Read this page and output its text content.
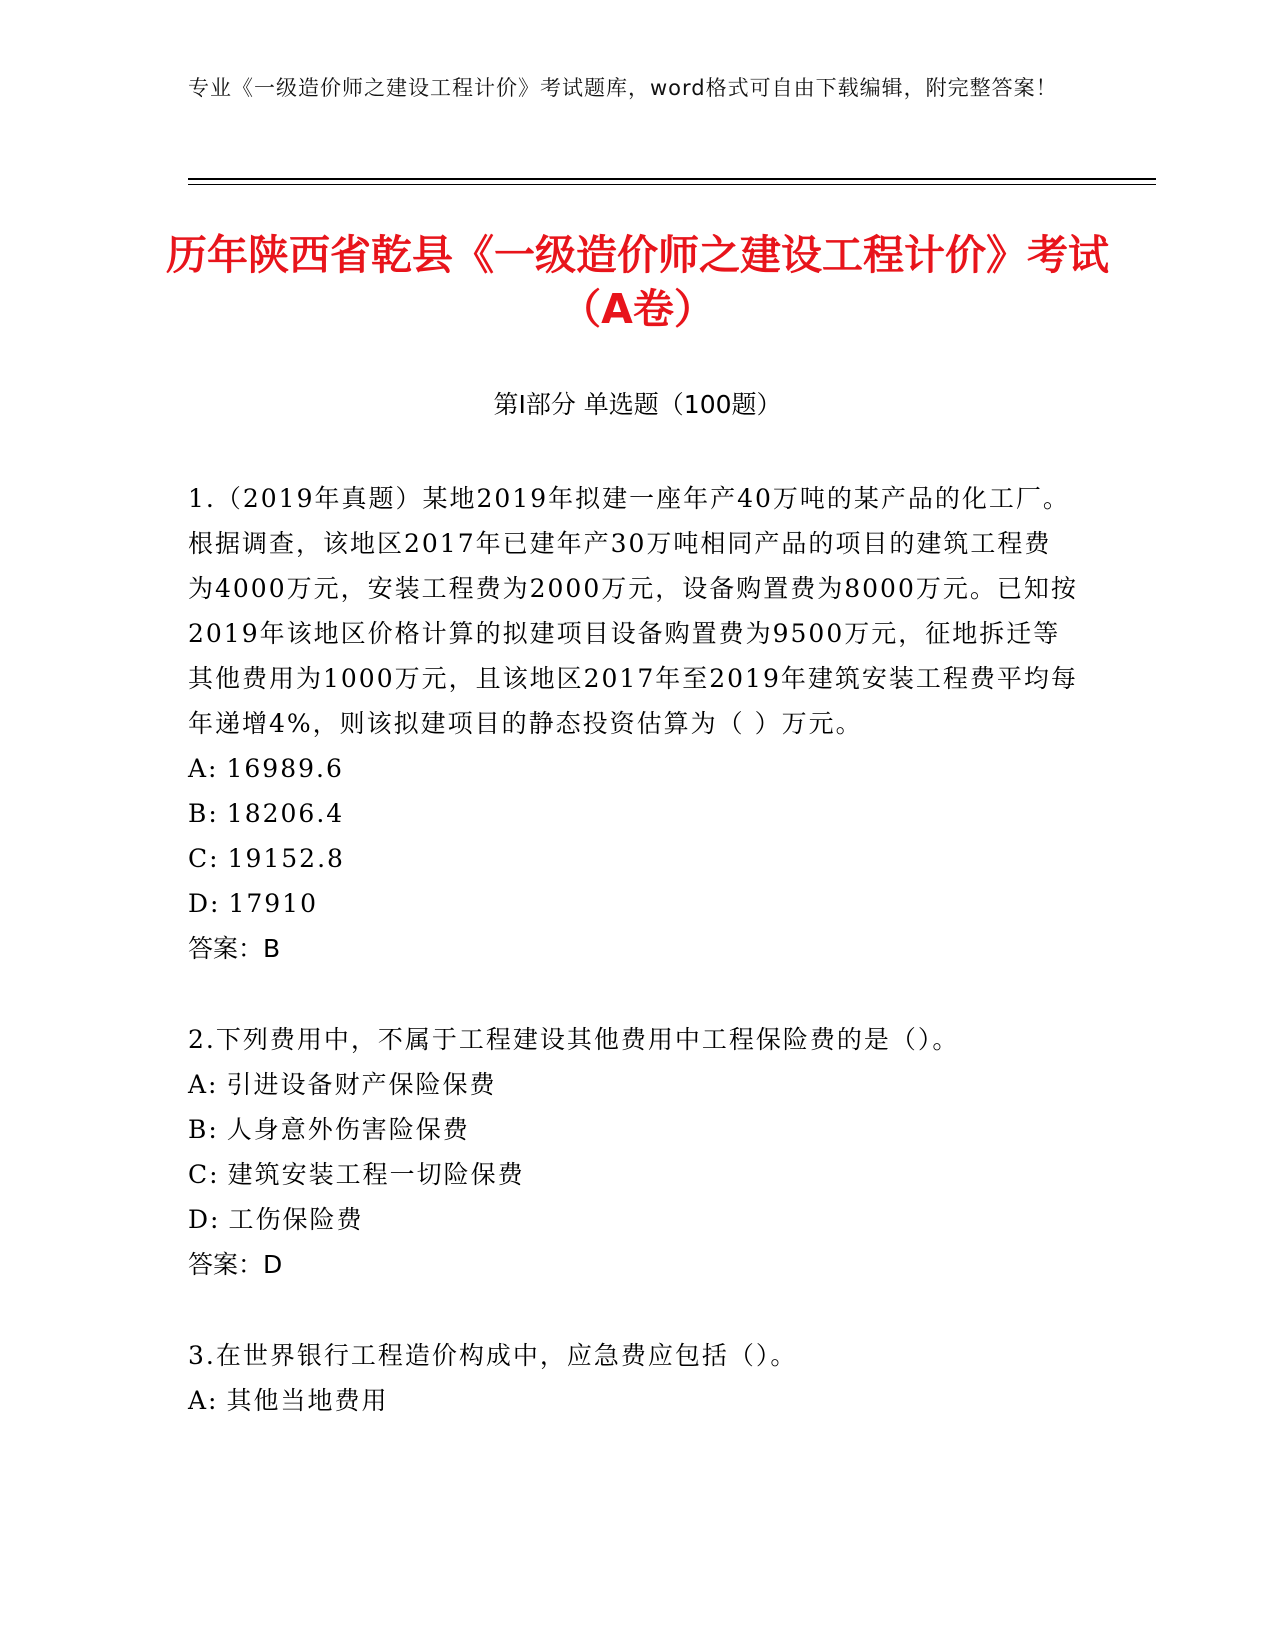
专业《一级造价师之建设工程计价》考试题库，word格式可自由下载编辑，附完整答案！
历年陕西省乾县《一级造价师之建设工程计价》考试（A卷）
第Ⅰ部分 单选题（100题）

1.（2019年真题）某地2019年拟建一座年产40万吨的某产品的化工厂。根据调查，该地区2017年已建年产30万吨相同产品的项目的建筑工程费为4000万元，安装工程费为2000万元，设备购置费为8000万元。已知按2019年该地区价格计算的拟建项目设备购置费为9500万元，征地拆迁等其他费用为1000万元，且该地区2017年至2019年建筑安装工程费平均每年递增4%，则该拟建项目的静态投资估算为（ ）万元。

A: 16989.6

B: 18206.4

C: 19152.8

D: 17910

答案：B

2.下列费用中，不属于工程建设其他费用中工程保险费的是（）。

A: 引进设备财产保险保费

B: 人身意外伤害险保费

C: 建筑安装工程一切险保费

D: 工伤保险费

答案：D

3.在世界银行工程造价构成中，应急费应包括（）。

A: 其他当地费用
